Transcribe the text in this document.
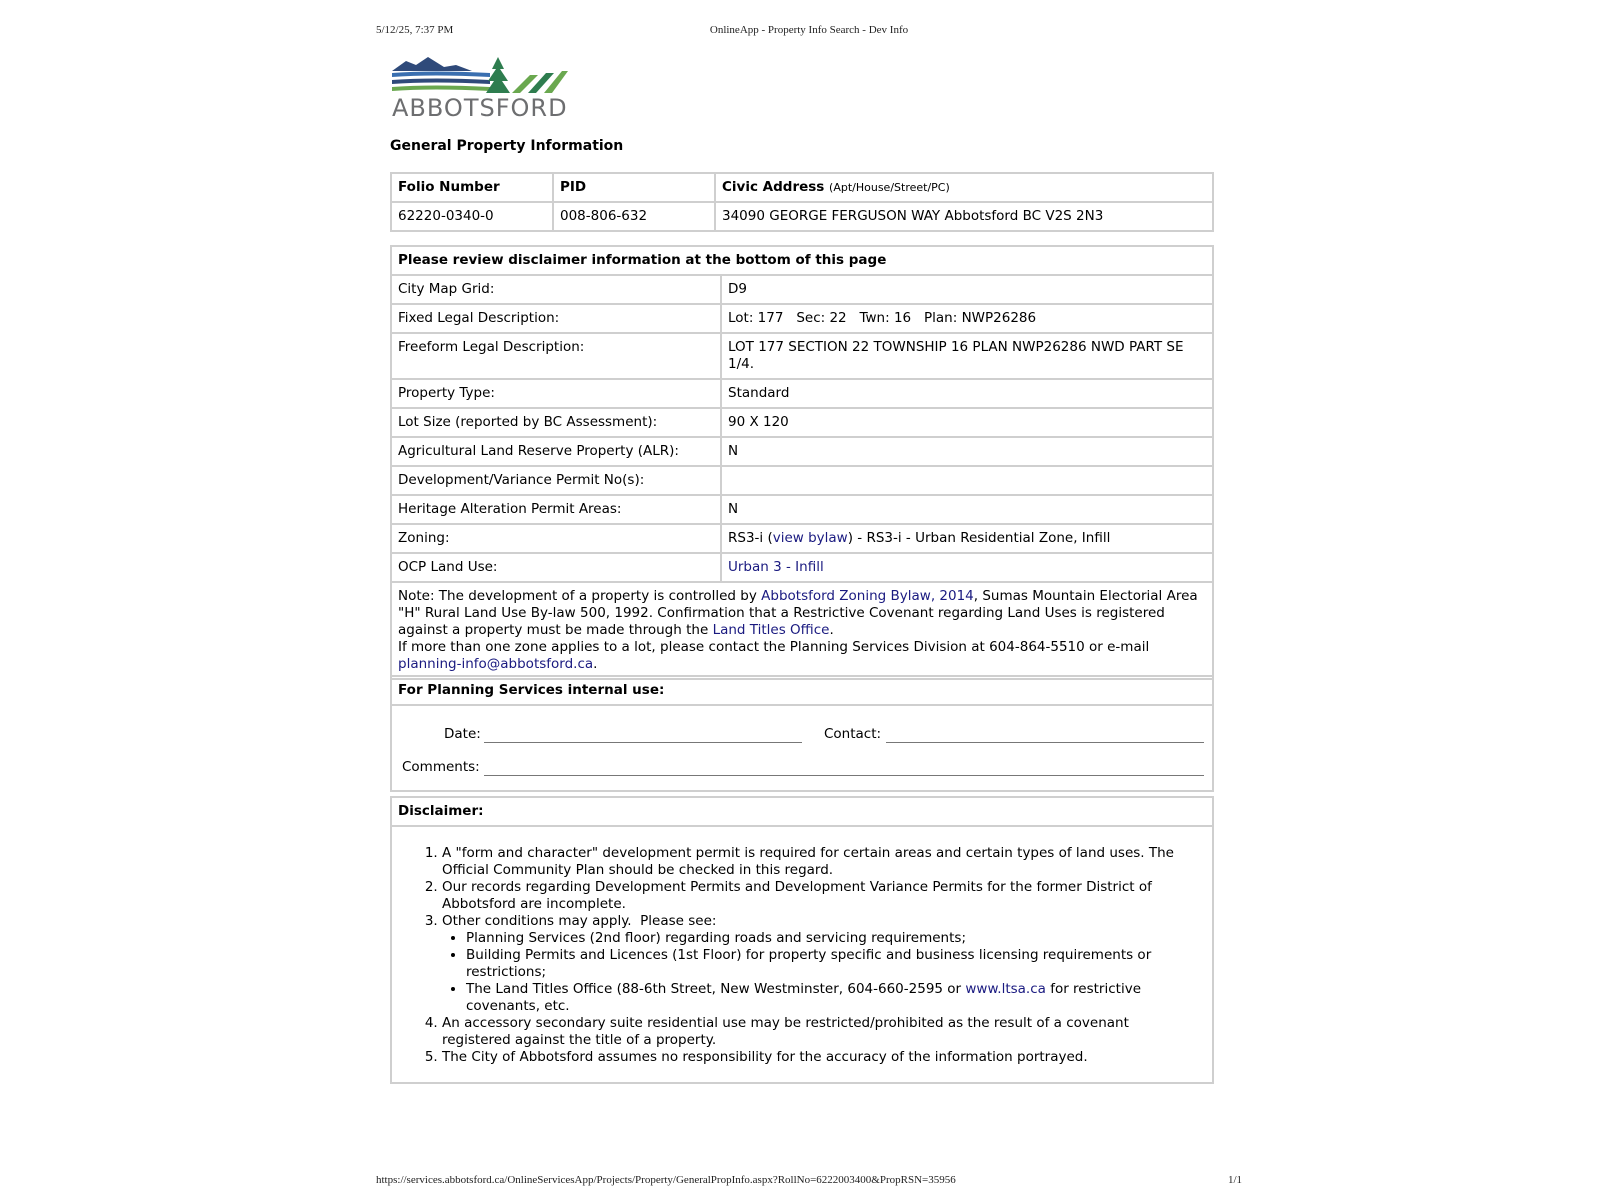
5/12/25, 7:37 PM	OnlineApp - Property Info Search - Dev Info
ABBOTSFORD
General Property Information
Folio Number	PID	Civic Address (Apt/House/Street/PC)
62220-0340-0	008-806-632	34090 GEORGE FERGUSON WAY Abbotsford BC V2S 2N3
Please review disclaimer information at the bottom of this page	
City Map Grid:	D9
Fixed Legal Description:	Lot: 177   Sec: 22   Twn: 16   Plan: NWP26286
Freeform Legal Description:	LOT 177 SECTION 22 TOWNSHIP 16 PLAN NWP26286 NWD PART SE 1/4.
Property Type:	Standard
Lot Size (reported by BC Assessment):	90 X 120
Agricultural Land Reserve Property (ALR):	N
Development/Variance Permit No(s):	
Heritage Alteration Permit Areas:	N
Zoning:	RS3-i (view bylaw) - RS3-i - Urban Residential Zone, Infill
OCP Land Use:	Urban 3 - Infill
Note: The development of a property is controlled by Abbotsford Zoning Bylaw, 2014, Sumas Mountain Electorial Area "H" Rural Land Use By-law 500, 1992. Confirmation that a Restrictive Covenant regarding Land Uses is registered against a property must be made through the Land Titles Office.
If more than one zone applies to a lot, please contact the Planning Services Division at 604-864-5510 or e-mail
planning-info@abbotsford.ca.	
For Planning Services internal use:

Date:	Contact:
Comments:
Disclaimer:

1. A "form and character" development permit is required for certain areas and certain types of land uses. The Official Community Plan should be checked in this regard.
2. Our records regarding Development Permits and Development Variance Permits for the former District of Abbotsford are incomplete.
3. Other conditions may apply.  Please see:
• Planning Services (2nd floor) regarding roads and servicing requirements;
• Building Permits and Licences (1st Floor) for property specific and business licensing requirements or restrictions;
• The Land Titles Office (88-6th Street, New Westminster, 604-660-2595 or www.ltsa.ca for restrictive covenants, etc.
4. An accessory secondary suite residential use may be restricted/prohibited as the result of a covenant registered against the title of a property.
5. The City of Abbotsford assumes no responsibility for the accuracy of the information portrayed.
https://services.abbotsford.ca/OnlineServicesApp/Projects/Property/GeneralPropInfo.aspx?RollNo=6222003400&PropRSN=35956	1/1
